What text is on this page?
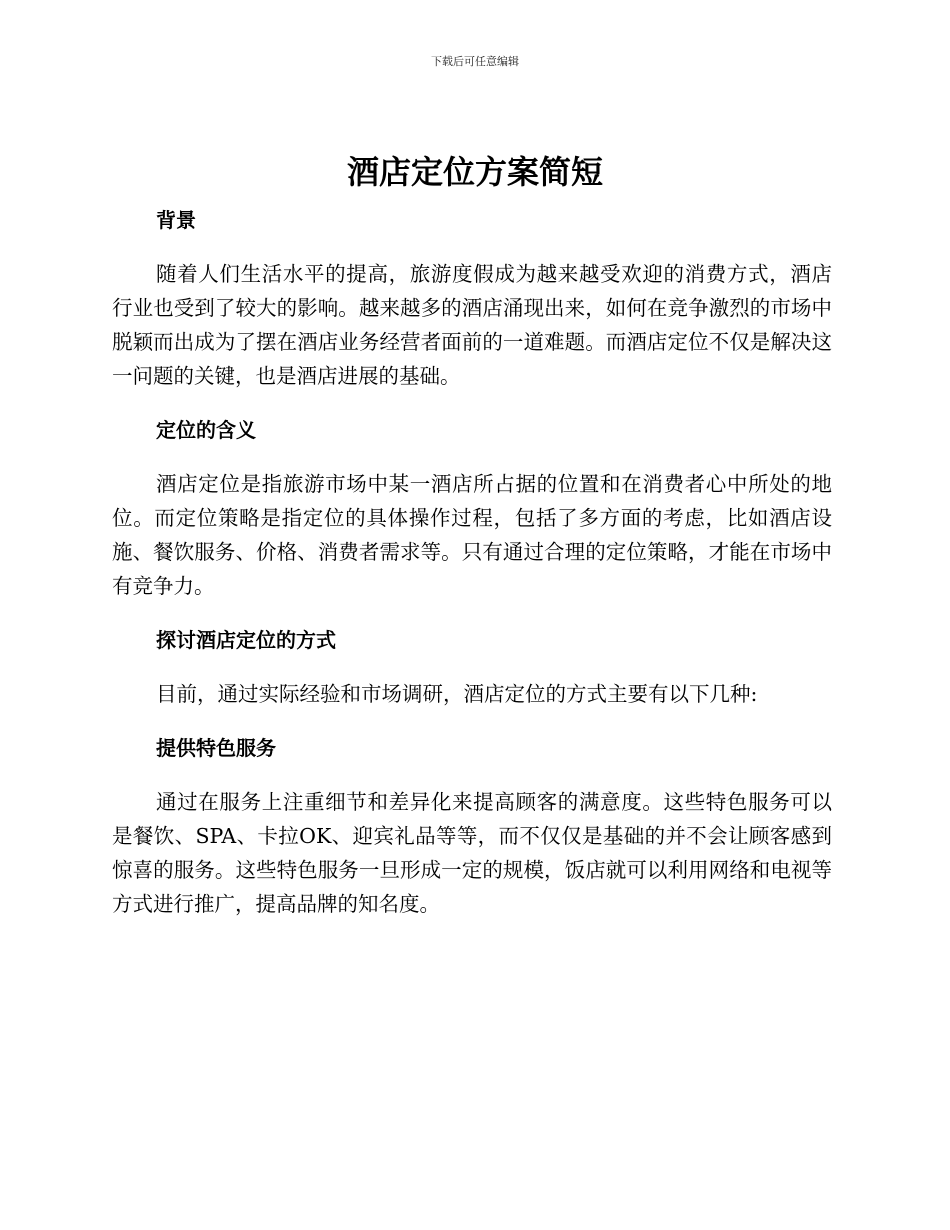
下载后可任意编辑
酒店定位方案简短
背景

随着人们生活水平的提高，旅游度假成为越来越受欢迎的消费方式，酒店行业也受到了较大的影响。越来越多的酒店涌现出来，如何在竞争激烈的市场中脱颖而出成为了摆在酒店业务经营者面前的一道难题。而酒店定位不仅是解决这一问题的关键，也是酒店进展的基础。

定位的含义

酒店定位是指旅游市场中某一酒店所占据的位置和在消费者心中所处的地位。而定位策略是指定位的具体操作过程，包括了多方面的考虑，比如酒店设施、餐饮服务、价格、消费者需求等。只有通过合理的定位策略，才能在市场中有竞争力。

探讨酒店定位的方式

目前，通过实际经验和市场调研，酒店定位的方式主要有以下几种:

提供特色服务

通过在服务上注重细节和差异化来提高顾客的满意度。这些特色服务可以是餐饮、SPA、卡拉OK、迎宾礼品等等，而不仅仅是基础的并不会让顾客感到惊喜的服务。这些特色服务一旦形成一定的规模，饭店就可以利用网络和电视等方式进行推广，提高品牌的知名度。
